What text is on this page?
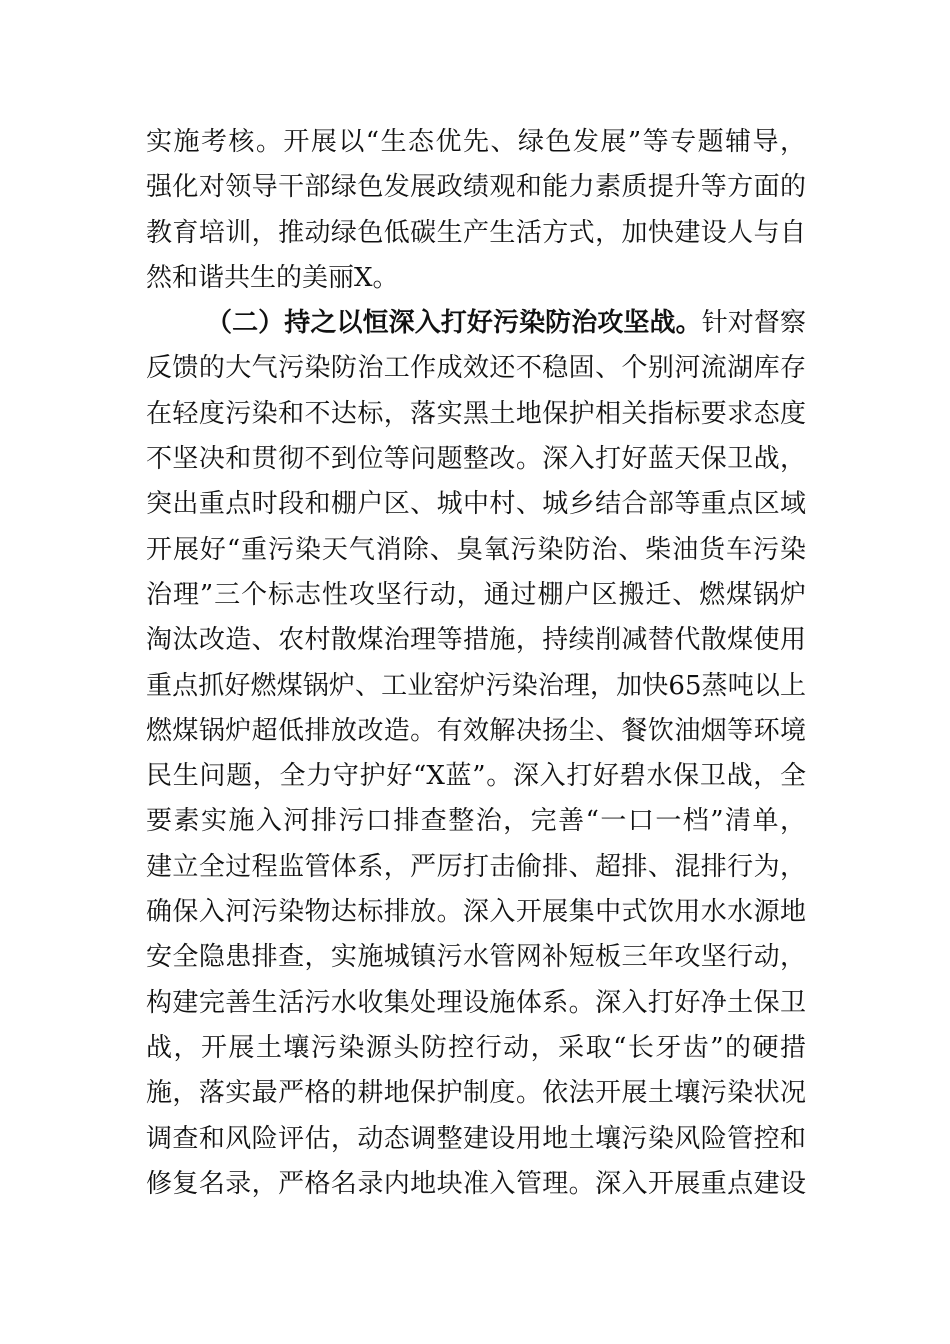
实施考核。开展以“生态优先、绿色发展”等专题辅导，
强化对领导干部绿色发展政绩观和能力素质提升等方面的
教育培训，推动绿色低碳生产生活方式，加快建设人与自
然和谐共生的美丽X。
（二）持之以恒深入打好污染防治攻坚战。针对督察
反馈的大气污染防治工作成效还不稳固、个别河流湖库存
在轻度污染和不达标，落实黑土地保护相关指标要求态度
不坚决和贯彻不到位等问题整改。深入打好蓝天保卫战，
突出重点时段和棚户区、城中村、城乡结合部等重点区域
开展好“重污染天气消除、臭氧污染防治、柴油货车污染
治理”三个标志性攻坚行动，通过棚户区搬迁、燃煤锅炉
淘汰改造、农村散煤治理等措施，持续削减替代散煤使用
重点抓好燃煤锅炉、工业窑炉污染治理，加快65蒸吨以上
燃煤锅炉超低排放改造。有效解决扬尘、餐饮油烟等环境
民生问题，全力守护好“X蓝”。深入打好碧水保卫战，全
要素实施入河排污口排查整治，完善“一口一档”清单，
建立全过程监管体系，严厉打击偷排、超排、混排行为，
确保入河污染物达标排放。深入开展集中式饮用水水源地
安全隐患排查，实施城镇污水管网补短板三年攻坚行动，
构建完善生活污水收集处理设施体系。深入打好净土保卫
战，开展土壤污染源头防控行动，采取“长牙齿”的硬措
施，落实最严格的耕地保护制度。依法开展土壤污染状况
调查和风险评估，动态调整建设用地土壤污染风险管控和
修复名录，严格名录内地块准入管理。深入开展重点建设
